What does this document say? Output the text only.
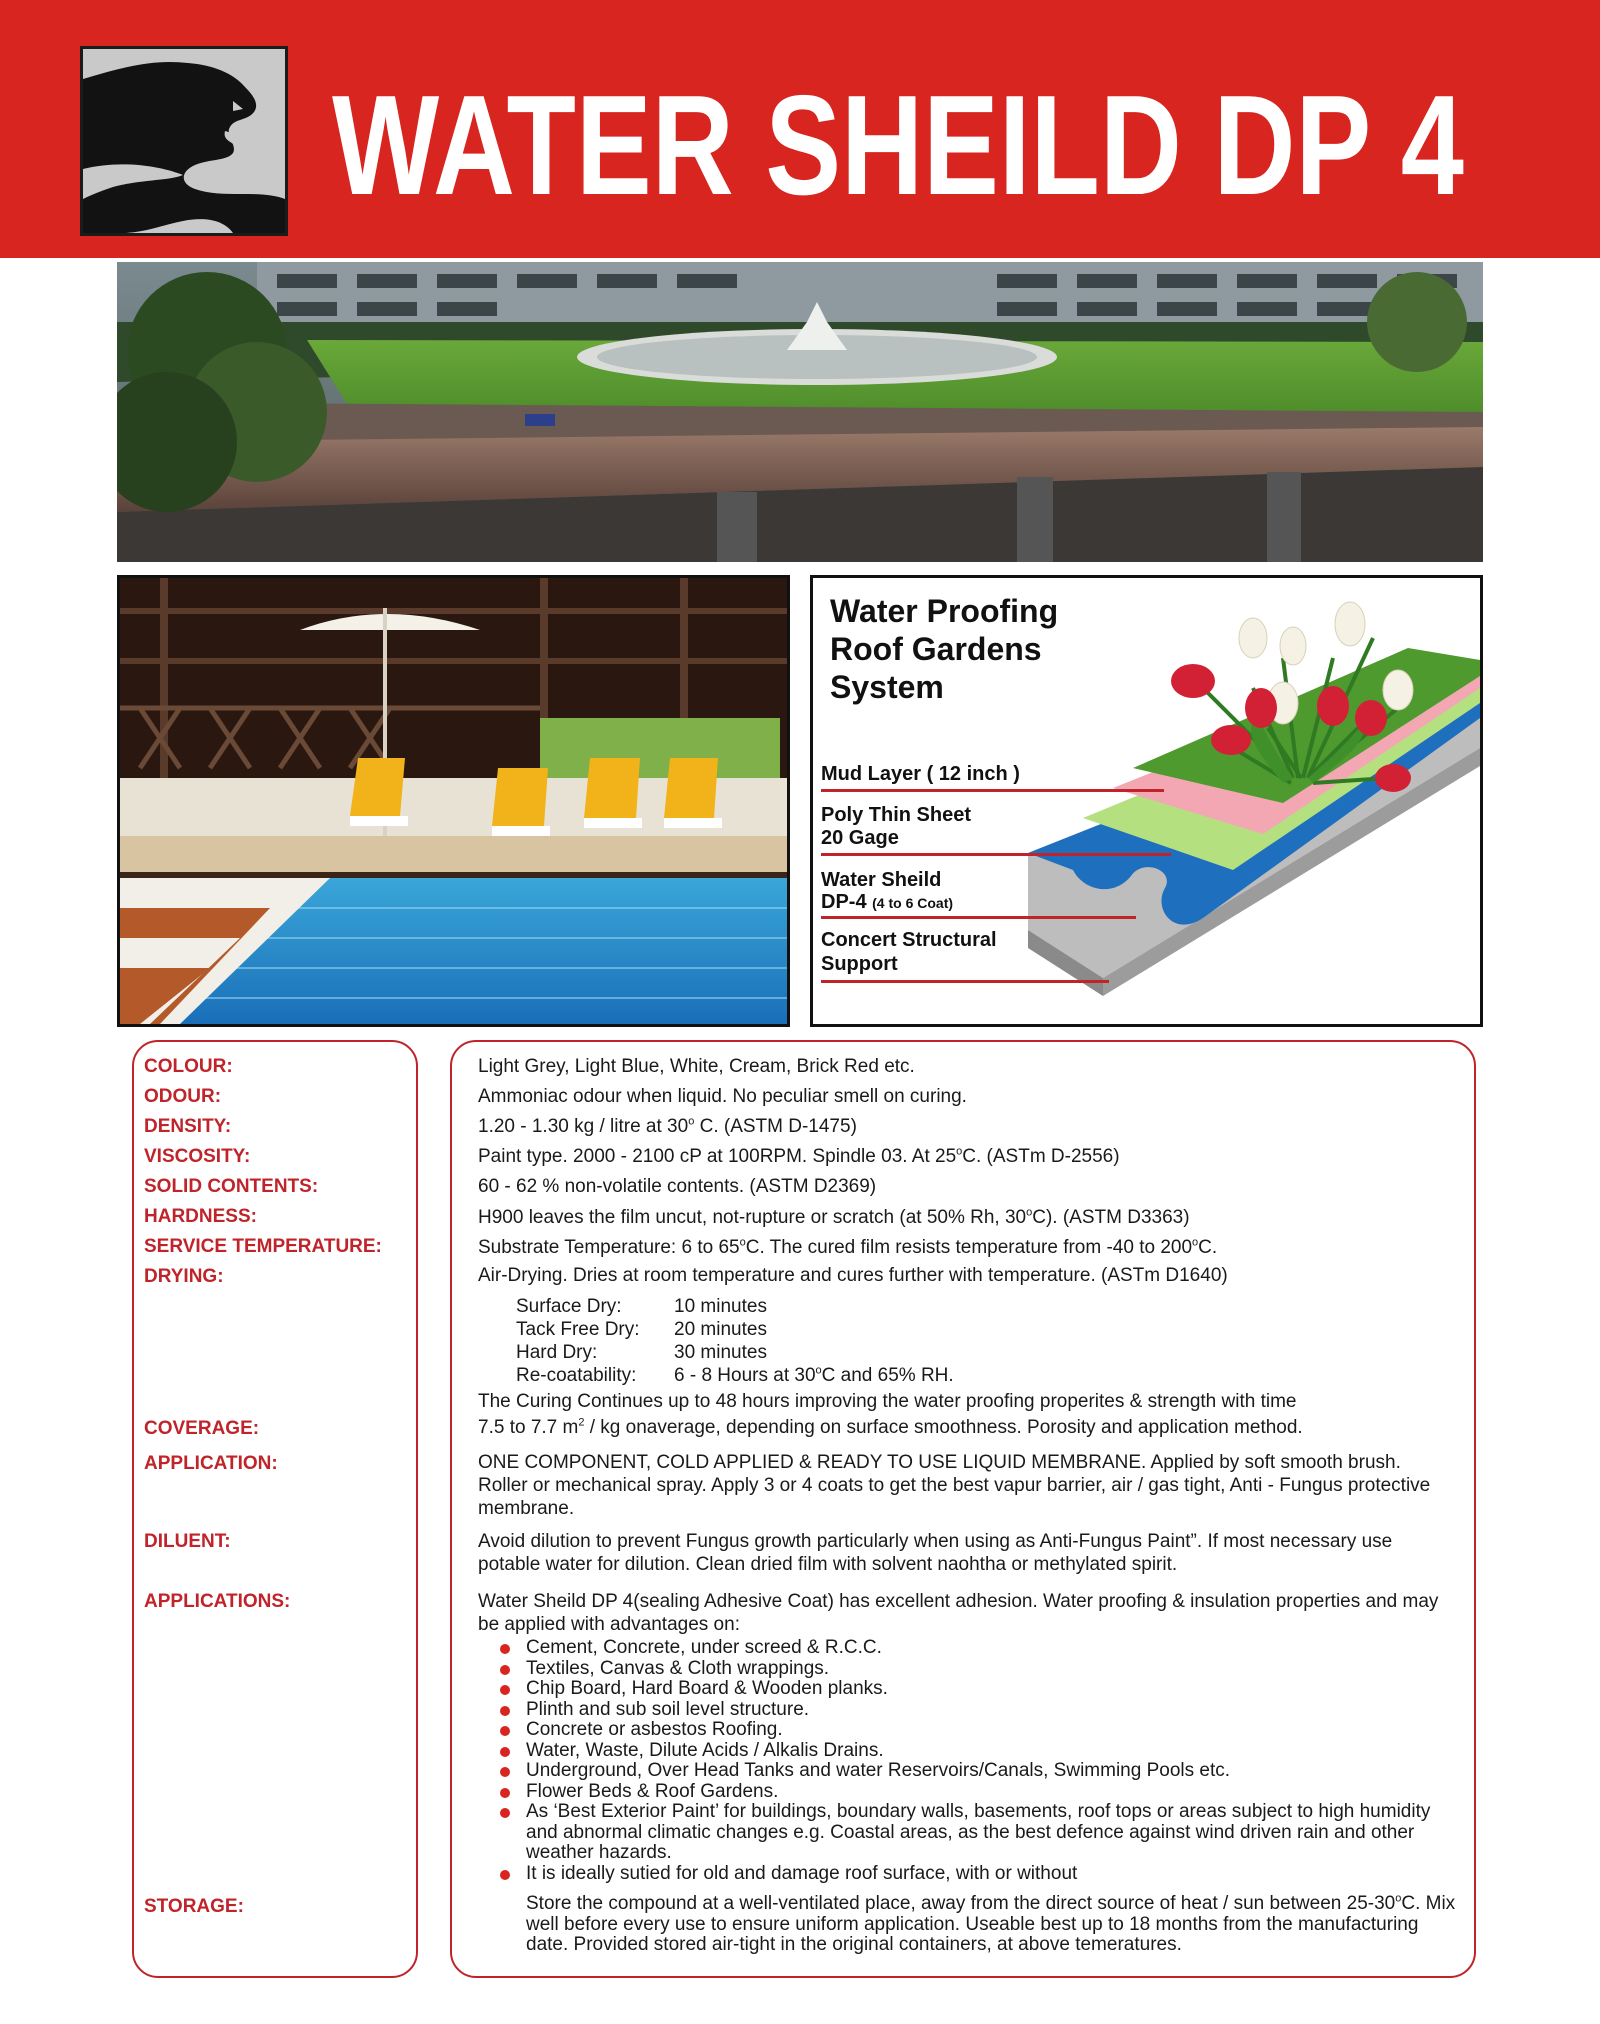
WATER SHEILD DP 4
Water Proofing
Roof Gardens
System
Mud Layer ( 12 inch )
Poly Thin Sheet
20 Gage
Water Sheild
DP-4 (4 to 6 Coat)
Concert Structural
Support
COLOUR:	Light Grey, Light Blue, White, Cream, Brick Red etc.
ODOUR:	Ammoniac odour when liquid. No peculiar smell on curing.
DENSITY:	1.20 - 1.30 kg / litre at 30$^o$ C. (ASTM D-1475)
VISCOSITY:	Paint type. 2000 - 2100 cP at 100RPM. Spindle 03. At 25$^o$C. (ASTm D-2556)
SOLID CONTENTS:	60 - 62 % non-volatile contents. (ASTM D2369)
HARDNESS:	H900 leaves the film uncut, not-rupture or scratch (at 50% Rh, 30$^o$C). (ASTM D3363)
SERVICE TEMPERATURE:	Substrate Temperature: 6 to 65$^o$C. The cured film resists temperature from -40 to 200$^o$C.
DRYING:	Air-Drying. Dries at room temperature and cures further with temperature. (ASTm D1640)
Surface Dry:	10 minutes
Tack Free Dry:	20 minutes
Hard Dry:	30 minutes
Re-coatability:	6 - 8 Hours at 30$^o$C and 65% RH.
The Curing Continues up to 48 hours improving the water proofing properites & strength with time
COVERAGE:	7.5 to 7.7 $m^2$ / kg onaverage, depending on surface smoothness. Porosity and application method.
APPLICATION:	ONE COMPONENT, COLD APPLIED & READY TO USE LIQUID MEMBRANE. Applied by soft smooth brush. Roller or mechanical spray. Apply 3 or 4 coats to get the best vapur barrier, air / gas tight, Anti - Fungus protective membrane.
DILUENT:	Avoid dilution to prevent Fungus growth particularly when using as Anti-Fungus Paint”. If most necessary use potable water for dilution. Clean dried film with solvent naohtha or methylated spirit.
APPLICATIONS:	Water Sheild DP 4(sealing Adhesive Coat) has excellent adhesion. Water proofing & insulation properties and may be applied with advantages on:
Cement, Concrete, under screed & R.C.C.
Textiles, Canvas & Cloth wrappings.
Chip Board, Hard Board & Wooden planks.
Plinth and sub soil level structure.
Concrete or asbestos Roofing.
Water, Waste, Dilute Acids / Alkalis Drains.
Underground, Over Head Tanks and water Reservoirs/Canals, Swimming Pools etc.
Flower Beds & Roof Gardens.
As ‘Best Exterior Paint’ for buildings, boundary walls, basements, roof tops or areas subject to high humidity and abnormal climatic changes e.g. Coastal areas, as the best defence against wind driven rain and other weather hazards.
It is ideally sutied for old and damage roof surface, with or without
STORAGE:	Store the compound at a well-ventilated place, away from the direct source of heat / sun between 25-30$^o$C. Mix well before every use to ensure uniform application. Useable best up to 18 months from the manufacturing date. Provided stored air-tight in the original containers, at above temeratures.
